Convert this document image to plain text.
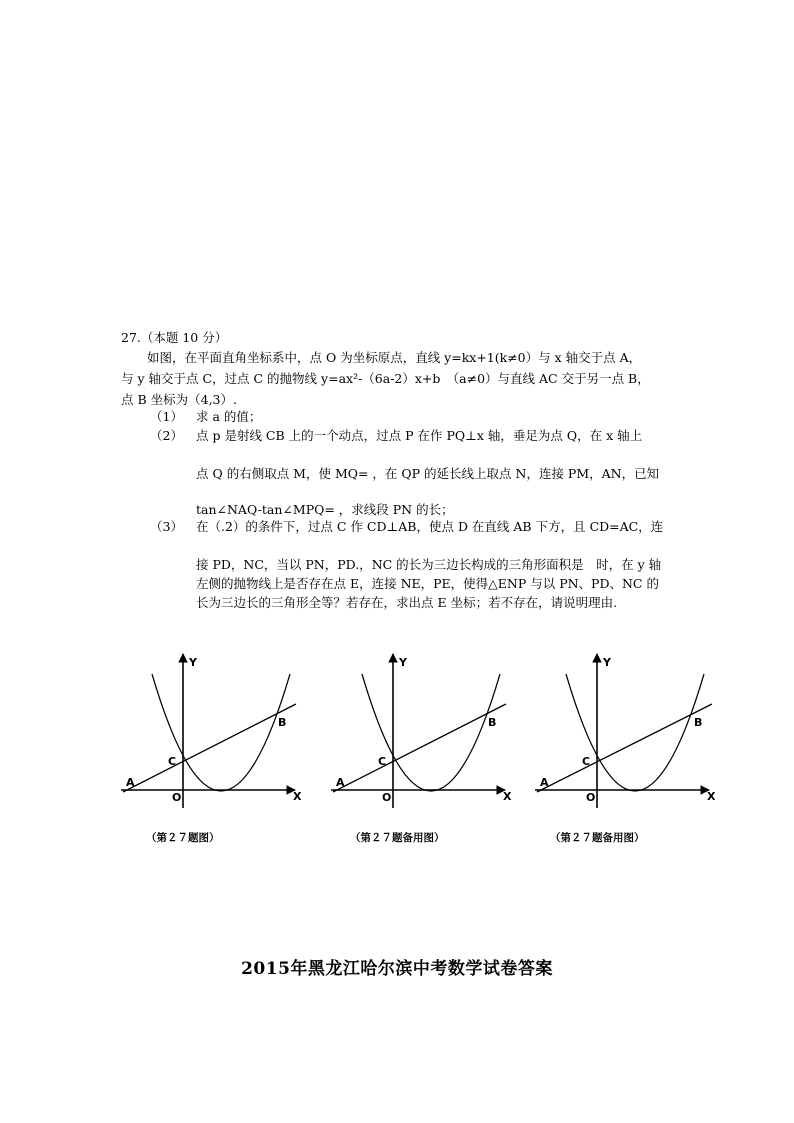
27.（本题 10 分）
如图，在平面直角坐标系中，点 O 为坐标原点，直线 y=kx+1(k≠0）与 x 轴交于点 A，
与 y 轴交于点 C，过点 C 的抛物线 y=ax²-（6a-2）x+b　（a≠0）与直线 AC 交于另一点 B，
点 B 坐标为（4,3）.
（1） 求 a 的值；
（2） 点 p 是射线 CB 上的一个动点，过点 P 在作 PQ⊥x 轴，垂足为点 Q，在 x 轴上
点 Q 的右侧取点 M，使 MQ= ，在 QP 的延长线上取点 N，连接 PM，AN，已知
tan∠NAQ-tan∠MPQ= ，求线段 PN 的长；
（3） 在（.2）的条件下，过点 C 作 CD⊥AB，使点 D 在直线 AB 下方，且 CD=AC，连
接 PD，NC，当以 PN，PD.，NC 的长为三边长构成的三角形面积是　时，在 y 轴
左侧的抛物线上是否存在点 E，连接 NE，PE，使得△ENP 与以 PN、PD、NC 的
长为三边长的三角形全等？若存在，求出点 E 坐标；若不存在，请说明理由.
Y
X
O
A
C
B
（第２７题图）
Y
X
O
A
C
B
（第２７题备用图）
Y
X
O
A
C
B
（第２７题备用图）
2015年黑龙江哈尔滨中考数学试卷答案
